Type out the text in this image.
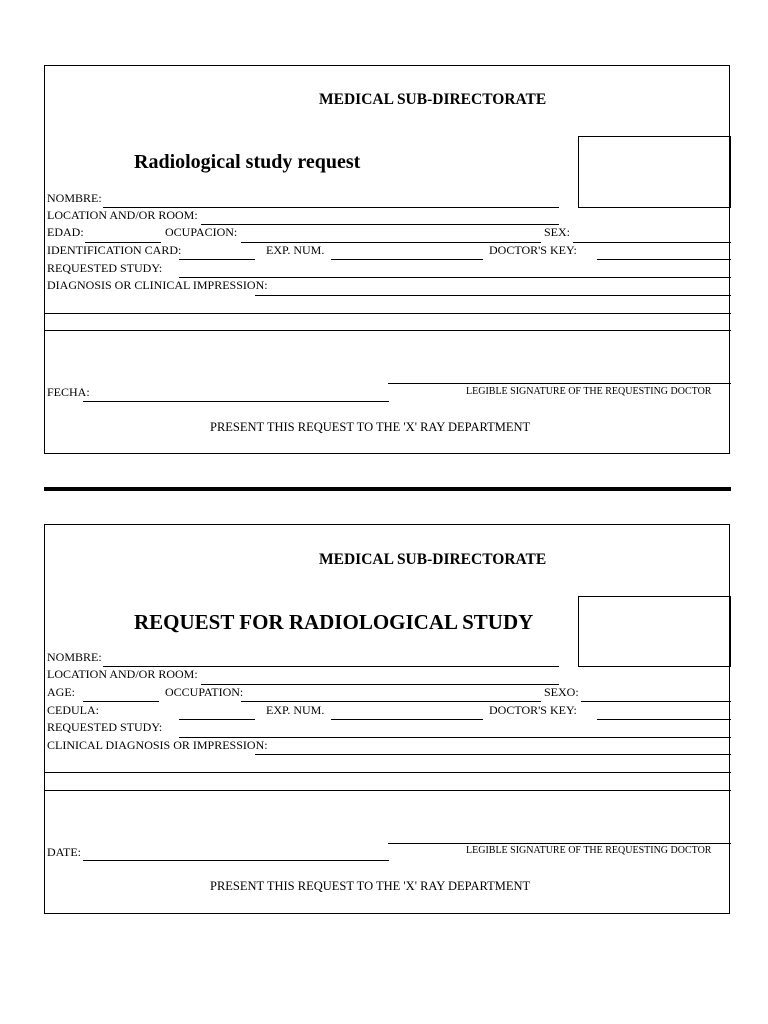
MEDICAL SUB-DIRECTORATE
Radiological study request
NOMBRE:
LOCATION AND/OR ROOM:
EDAD:	OCUPACION:	SEX:
IDENTIFICATION CARD:	EXP. NUM.	DOCTOR'S KEY:
REQUESTED STUDY:
DIAGNOSIS OR CLINICAL IMPRESSION:
FECHA:	LEGIBLE SIGNATURE OF THE REQUESTING DOCTOR
PRESENT THIS REQUEST TO THE 'X' RAY DEPARTMENT
MEDICAL SUB-DIRECTORATE
REQUEST FOR RADIOLOGICAL STUDY
NOMBRE:
LOCATION AND/OR ROOM:
AGE:	OCCUPATION:	SEXO:
CEDULA:	EXP. NUM.	DOCTOR'S KEY:
REQUESTED STUDY:
CLINICAL DIAGNOSIS OR IMPRESSION:
DATE:	LEGIBLE SIGNATURE OF THE REQUESTING DOCTOR
PRESENT THIS REQUEST TO THE 'X' RAY DEPARTMENT
